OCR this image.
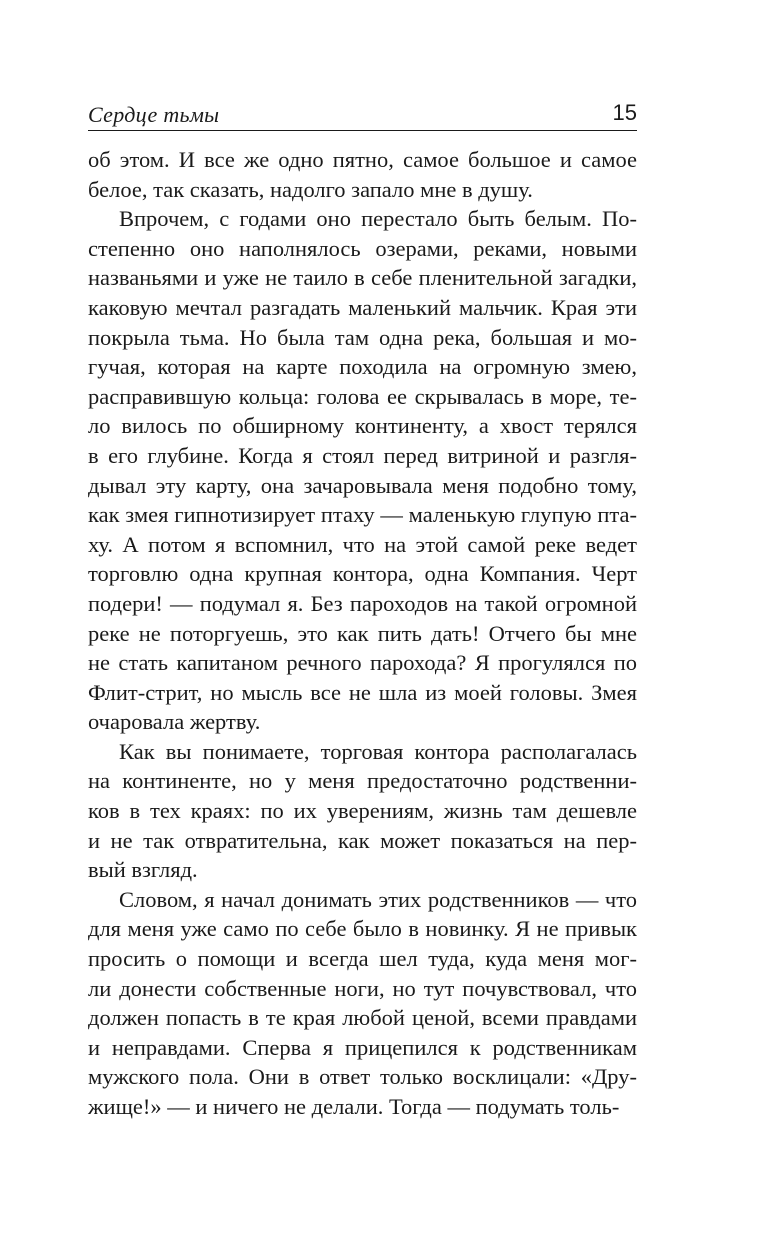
Сердце тьмы	15
об этом. И все же одно пятно, самое большое и самое
белое, так сказать, надолго запало мне в душу.
Впрочем, с годами оно перестало быть белым. По-
степенно оно наполнялось озерами, реками, новыми
названьями и уже не таило в себе пленительной загадки,
каковую мечтал разгадать маленький мальчик. Края эти
покрыла тьма. Но была там одна река, большая и мо-
гучая, которая на карте походила на огромную змею,
расправившую кольца: голова ее скрывалась в море, те-
ло вилось по обширному континенту, а хвост терялся
в его глубине. Когда я стоял перед витриной и разгля-
дывал эту карту, она зачаровывала меня подобно тому,
как змея гипнотизирует птаху — маленькую глупую пта-
ху. А потом я вспомнил, что на этой самой реке ведет
торговлю одна крупная контора, одна Компания. Черт
подери! — подумал я. Без пароходов на такой огромной
реке не поторгуешь, это как пить дать! Отчего бы мне
не стать капитаном речного парохода? Я прогулялся по
Флит-стрит, но мысль все не шла из моей головы. Змея
очаровала жертву.
Как вы понимаете, торговая контора располагалась
на континенте, но у меня предостаточно родственни-
ков в тех краях: по их уверениям, жизнь там дешевле
и не так отвратительна, как может показаться на пер-
вый взгляд.
Словом, я начал донимать этих родственников — что
для меня уже само по себе было в новинку. Я не привык
просить о помощи и всегда шел туда, куда меня мог-
ли донести собственные ноги, но тут почувствовал, что
должен попасть в те края любой ценой, всеми правдами
и неправдами. Сперва я прицепился к родственникам
мужского пола. Они в ответ только восклицали: «Дру-
жище!» — и ничего не делали. Тогда — подумать толь-
